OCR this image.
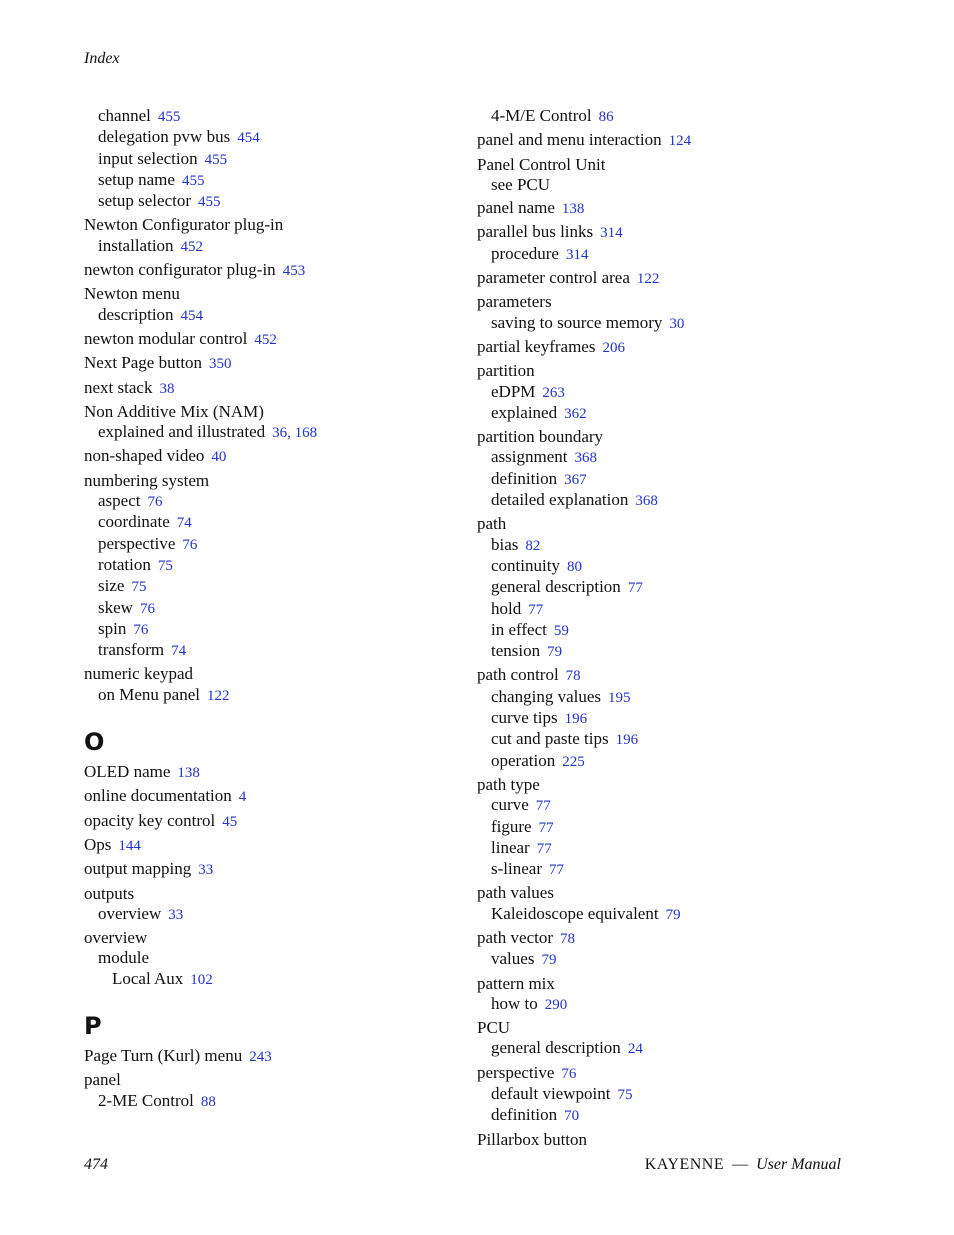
Index
channel 455
delegation pvw bus 454
input selection 455
setup name 455
setup selector 455
Newton Configurator plug-in
installation 452
newton configurator plug-in 453
Newton menu
description 454
newton modular control 452
Next Page button 350
next stack 38
Non Additive Mix (NAM)
explained and illustrated 36, 168
non-shaped video 40
numbering system
aspect 76
coordinate 74
perspective 76
rotation 75
size 75
skew 76
spin 76
transform 74
numeric keypad
on Menu panel 122
O
OLED name 138
online documentation 4
opacity key control 45
Ops 144
output mapping 33
outputs
overview 33
overview
module
Local Aux 102
P
Page Turn (Kurl) menu 243
panel
2-ME Control 88
4-M/E Control 86
panel and menu interaction 124
Panel Control Unit
see PCU
panel name 138
parallel bus links 314
procedure 314
parameter control area 122
parameters
saving to source memory 30
partial keyframes 206
partition
eDPM 263
explained 362
partition boundary
assignment 368
definition 367
detailed explanation 368
path
bias 82
continuity 80
general description 77
hold 77
in effect 59
tension 79
path control 78
changing values 195
curve tips 196
cut and paste tips 196
operation 225
path type
curve 77
figure 77
linear 77
s-linear 77
path values
Kaleidoscope equivalent 79
path vector 78
values 79
pattern mix
how to 290
PCU
general description 24
perspective 76
default viewpoint 75
definition 70
Pillarbox button
474	KAYENNE — User Manual
